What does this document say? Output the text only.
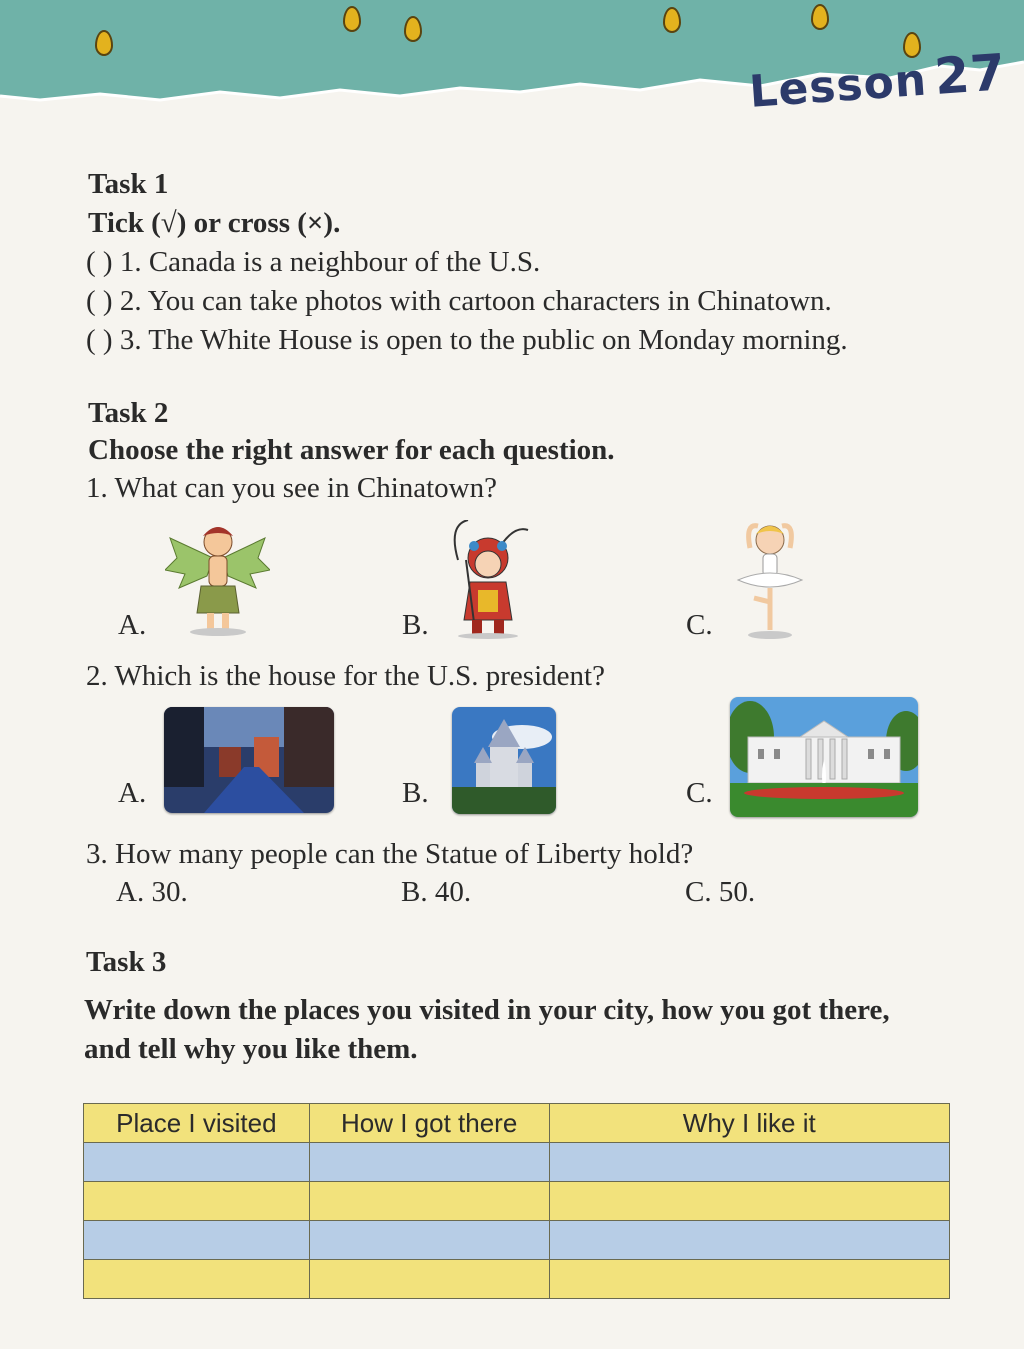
Lesson27

Task 1

Tick (√) or cross (×).

( ) 1. Canada is a neighbour of the U.S.

( ) 2. You can take photos with cartoon characters in Chinatown.

( ) 3. The White House is open to the public on Monday morning.

Task 2

Choose the right answer for each question.

1. What can you see in Chinatown?

A.	B.	C.

2. Which is the house for the U.S. president?

A.	B.	C.

3. How many people can the Statue of Liberty hold?

A. 30.	B. 40.	C. 50.

Task 3

Write down the places you visited in your city, how you got there,

and tell why you like them.

Place I visited	How I got there	Why I like it
